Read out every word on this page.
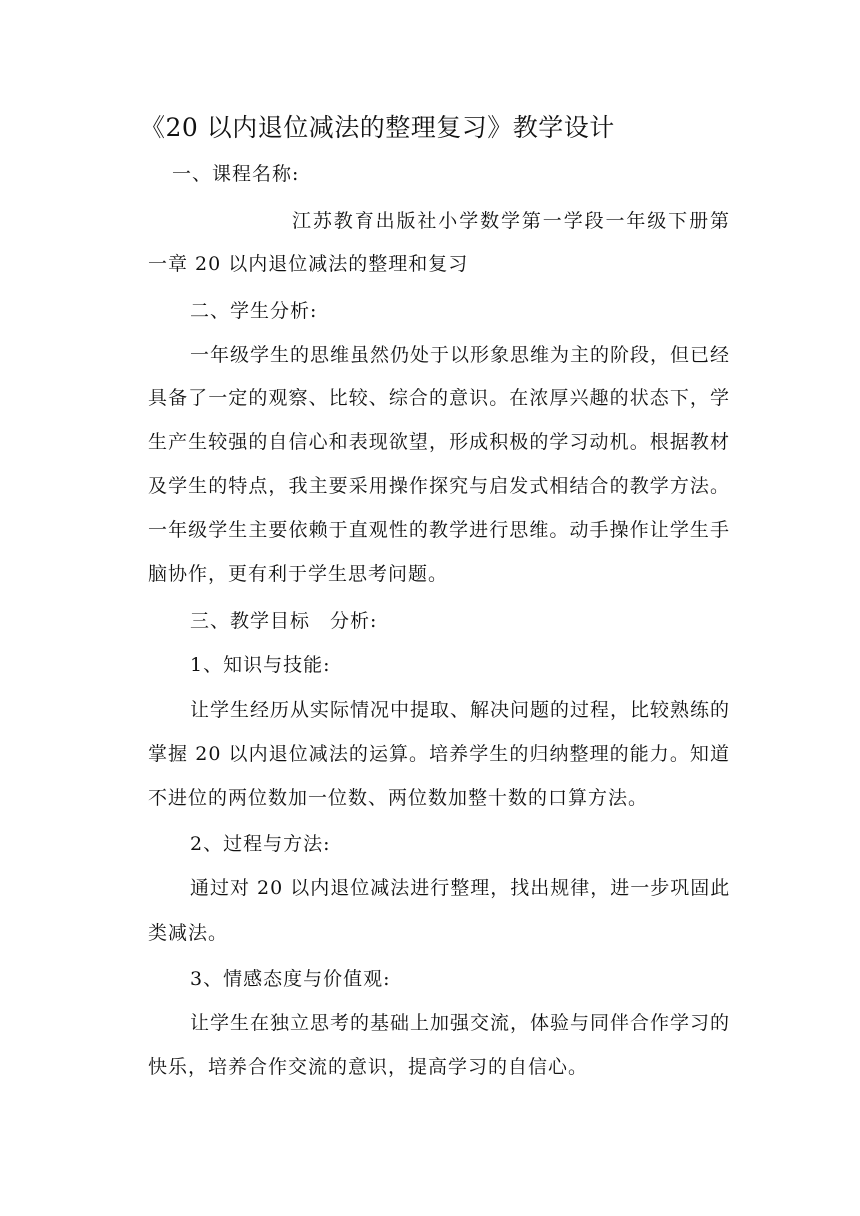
《20 以内退位减法的整理复习》教学设计
一、课程名称:
江苏教育出版社小学数学第一学段一年级下册第
一章 20 以内退位减法的整理和复习
二、学生分析:
一年级学生的思维虽然仍处于以形象思维为主的阶段，但已经
具备了一定的观察、比较、综合的意识。在浓厚兴趣的状态下，学
生产生较强的自信心和表现欲望，形成积极的学习动机。根据教材
及学生的特点，我主要采用操作探究与启发式相结合的教学方法。
一年级学生主要依赖于直观性的教学进行思维。动手操作让学生手
脑协作，更有利于学生思考问题。
三、教学目标　分析:
1、知识与技能:
让学生经历从实际情况中提取、解决问题的过程，比较熟练的
掌握 20 以内退位减法的运算。培养学生的归纳整理的能力。知道
不进位的两位数加一位数、两位数加整十数的口算方法。
2、过程与方法:
通过对 20 以内退位减法进行整理，找出规律，进一步巩固此
类减法。
3、情感态度与价值观:
让学生在独立思考的基础上加强交流，体验与同伴合作学习的
快乐，培养合作交流的意识，提高学习的自信心。
